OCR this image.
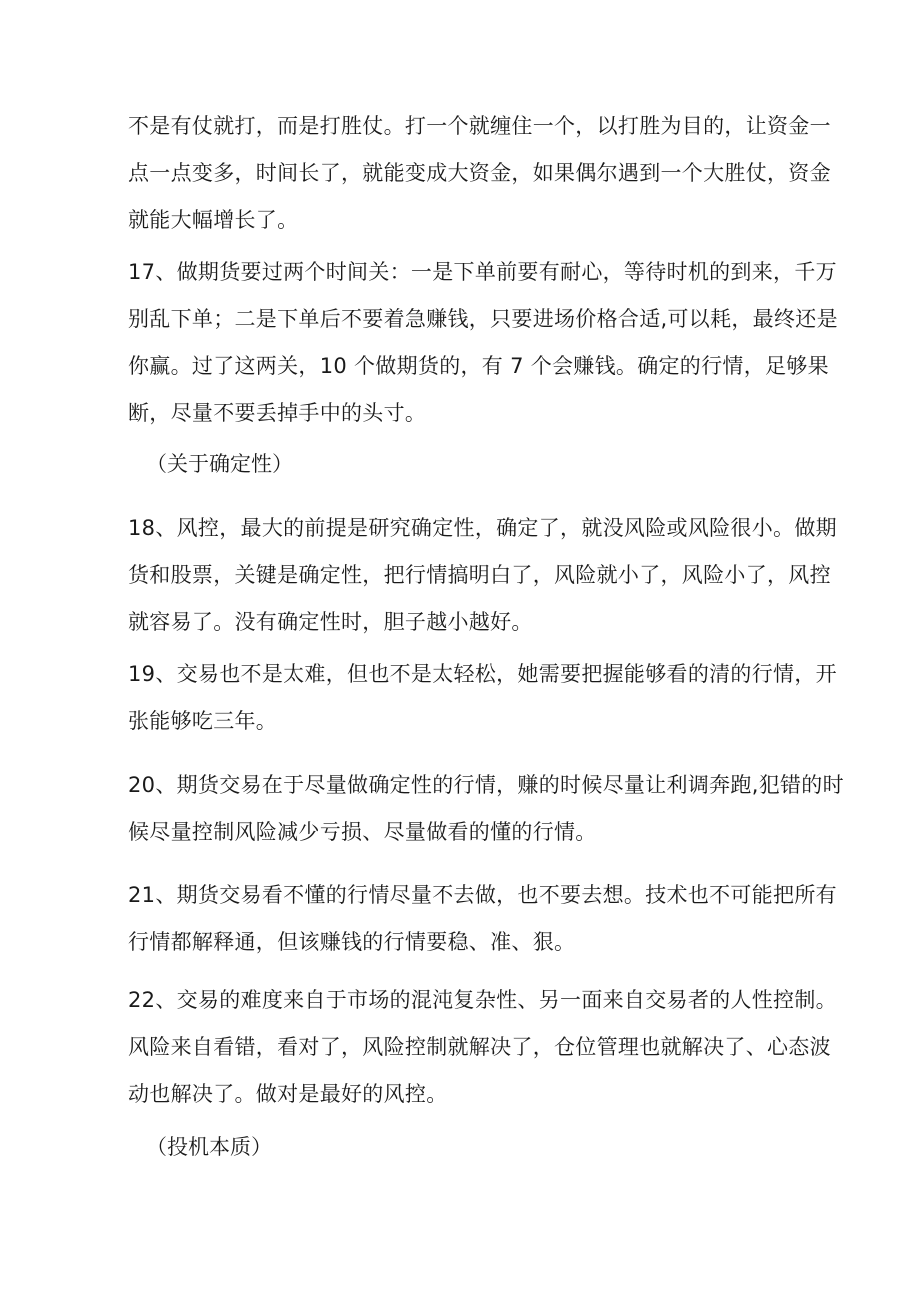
不是有仗就打，而是打胜仗。打一个就缠住一个，以打胜为目的，让资金一
点一点变多，时间长了，就能变成大资金，如果偶尔遇到一个大胜仗，资金
就能大幅增长了。

17、做期货要过两个时间关：一是下单前要有耐心，等待时机的到来，千万
别乱下单；二是下单后不要着急赚钱，只要进场价格合适,可以耗，最终还是
你赢。过了这两关，10 个做期货的，有 7 个会赚钱。确定的行情，足够果
断，尽量不要丢掉手中的头寸。

（关于确定性）

18、风控，最大的前提是研究确定性，确定了，就没风险或风险很小。做期
货和股票，关键是确定性，把行情搞明白了，风险就小了，风险小了，风控
就容易了。没有确定性时，胆子越小越好。

19、交易也不是太难，但也不是太轻松，她需要把握能够看的清的行情，开
张能够吃三年。

20、期货交易在于尽量做确定性的行情，赚的时候尽量让利调奔跑,犯错的时
候尽量控制风险减少亏损、尽量做看的懂的行情。

21、期货交易看不懂的行情尽量不去做，也不要去想。技术也不可能把所有
行情都解释通，但该赚钱的行情要稳、准、狠。

22、交易的难度来自于市场的混沌复杂性、另一面来自交易者的人性控制。
风险来自看错，看对了，风险控制就解决了，仓位管理也就解决了、心态波
动也解决了。做对是最好的风控。

（投机本质）
